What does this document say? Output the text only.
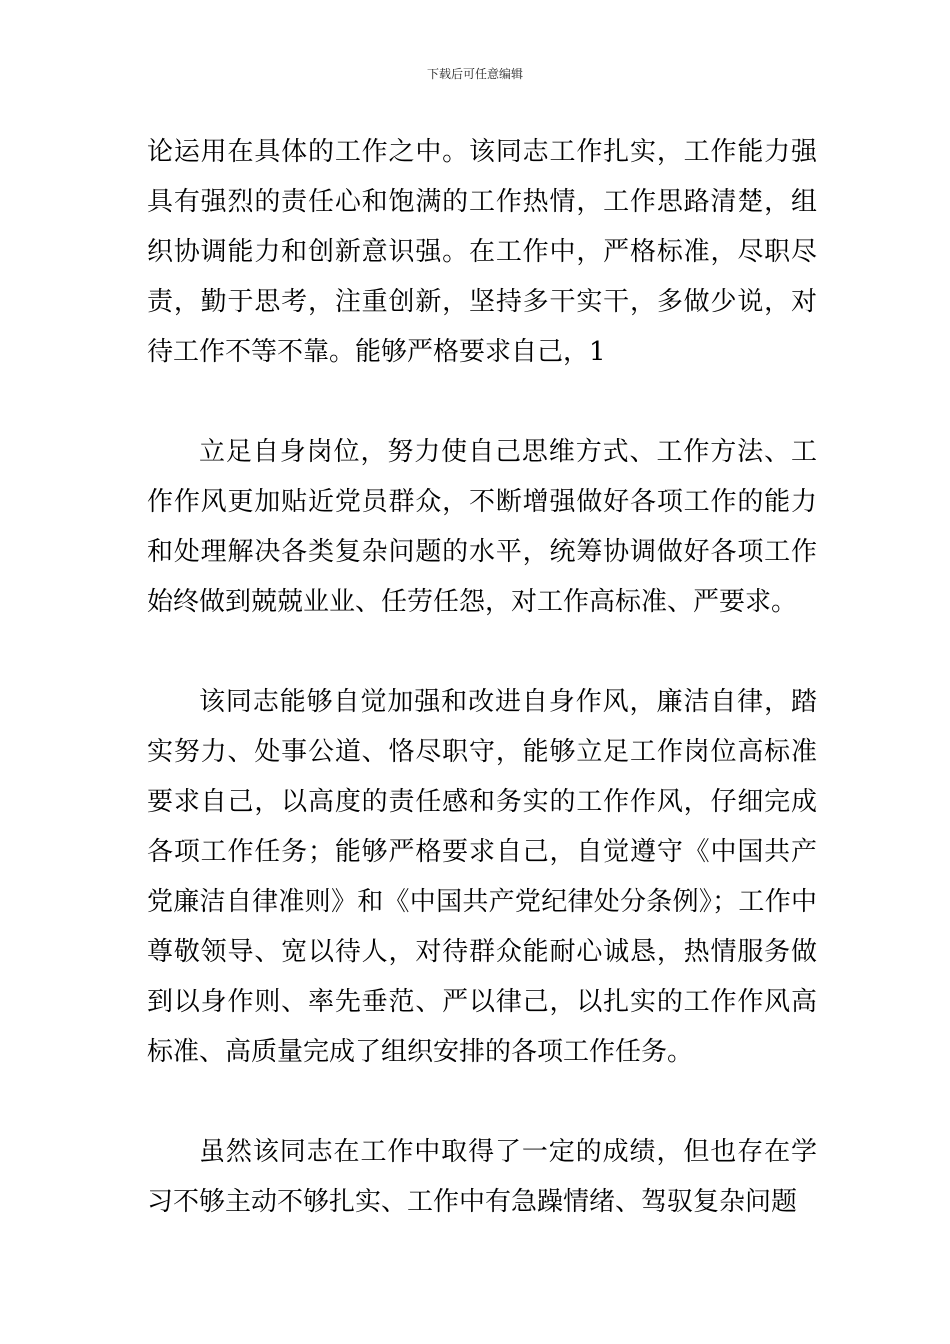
下载后可任意编辑

论运用在具体的工作之中。该同志工作扎实，工作能力强具有强烈的责任心和饱满的工作热情，工作思路清楚，组织协调能力和创新意识强。在工作中，严格标准，尽职尽责，勤于思考，注重创新，坚持多干实干，多做少说，对待工作不等不靠。能够严格要求自己，1

立足自身岗位，努力使自己思维方式、工作方法、工作作风更加贴近党员群众，不断增强做好各项工作的能力和处理解决各类复杂问题的水平，统筹协调做好各项工作始终做到兢兢业业、任劳任怨，对工作高标准、严要求。

该同志能够自觉加强和改进自身作风，廉洁自律，踏实努力、处事公道、恪尽职守，能够立足工作岗位高标准要求自己，以高度的责任感和务实的工作作风，仔细完成各项工作任务；能够严格要求自己，自觉遵守《中国共产党廉洁自律准则》和《中国共产党纪律处分条例》；工作中尊敬领导、宽以待人，对待群众能耐心诚恳，热情服务做到以身作则、率先垂范、严以律己，以扎实的工作作风高标准、高质量完成了组织安排的各项工作任务。

虽然该同志在工作中取得了一定的成绩，但也存在学习不够主动不够扎实、工作中有急躁情绪、驾驭复杂问题
